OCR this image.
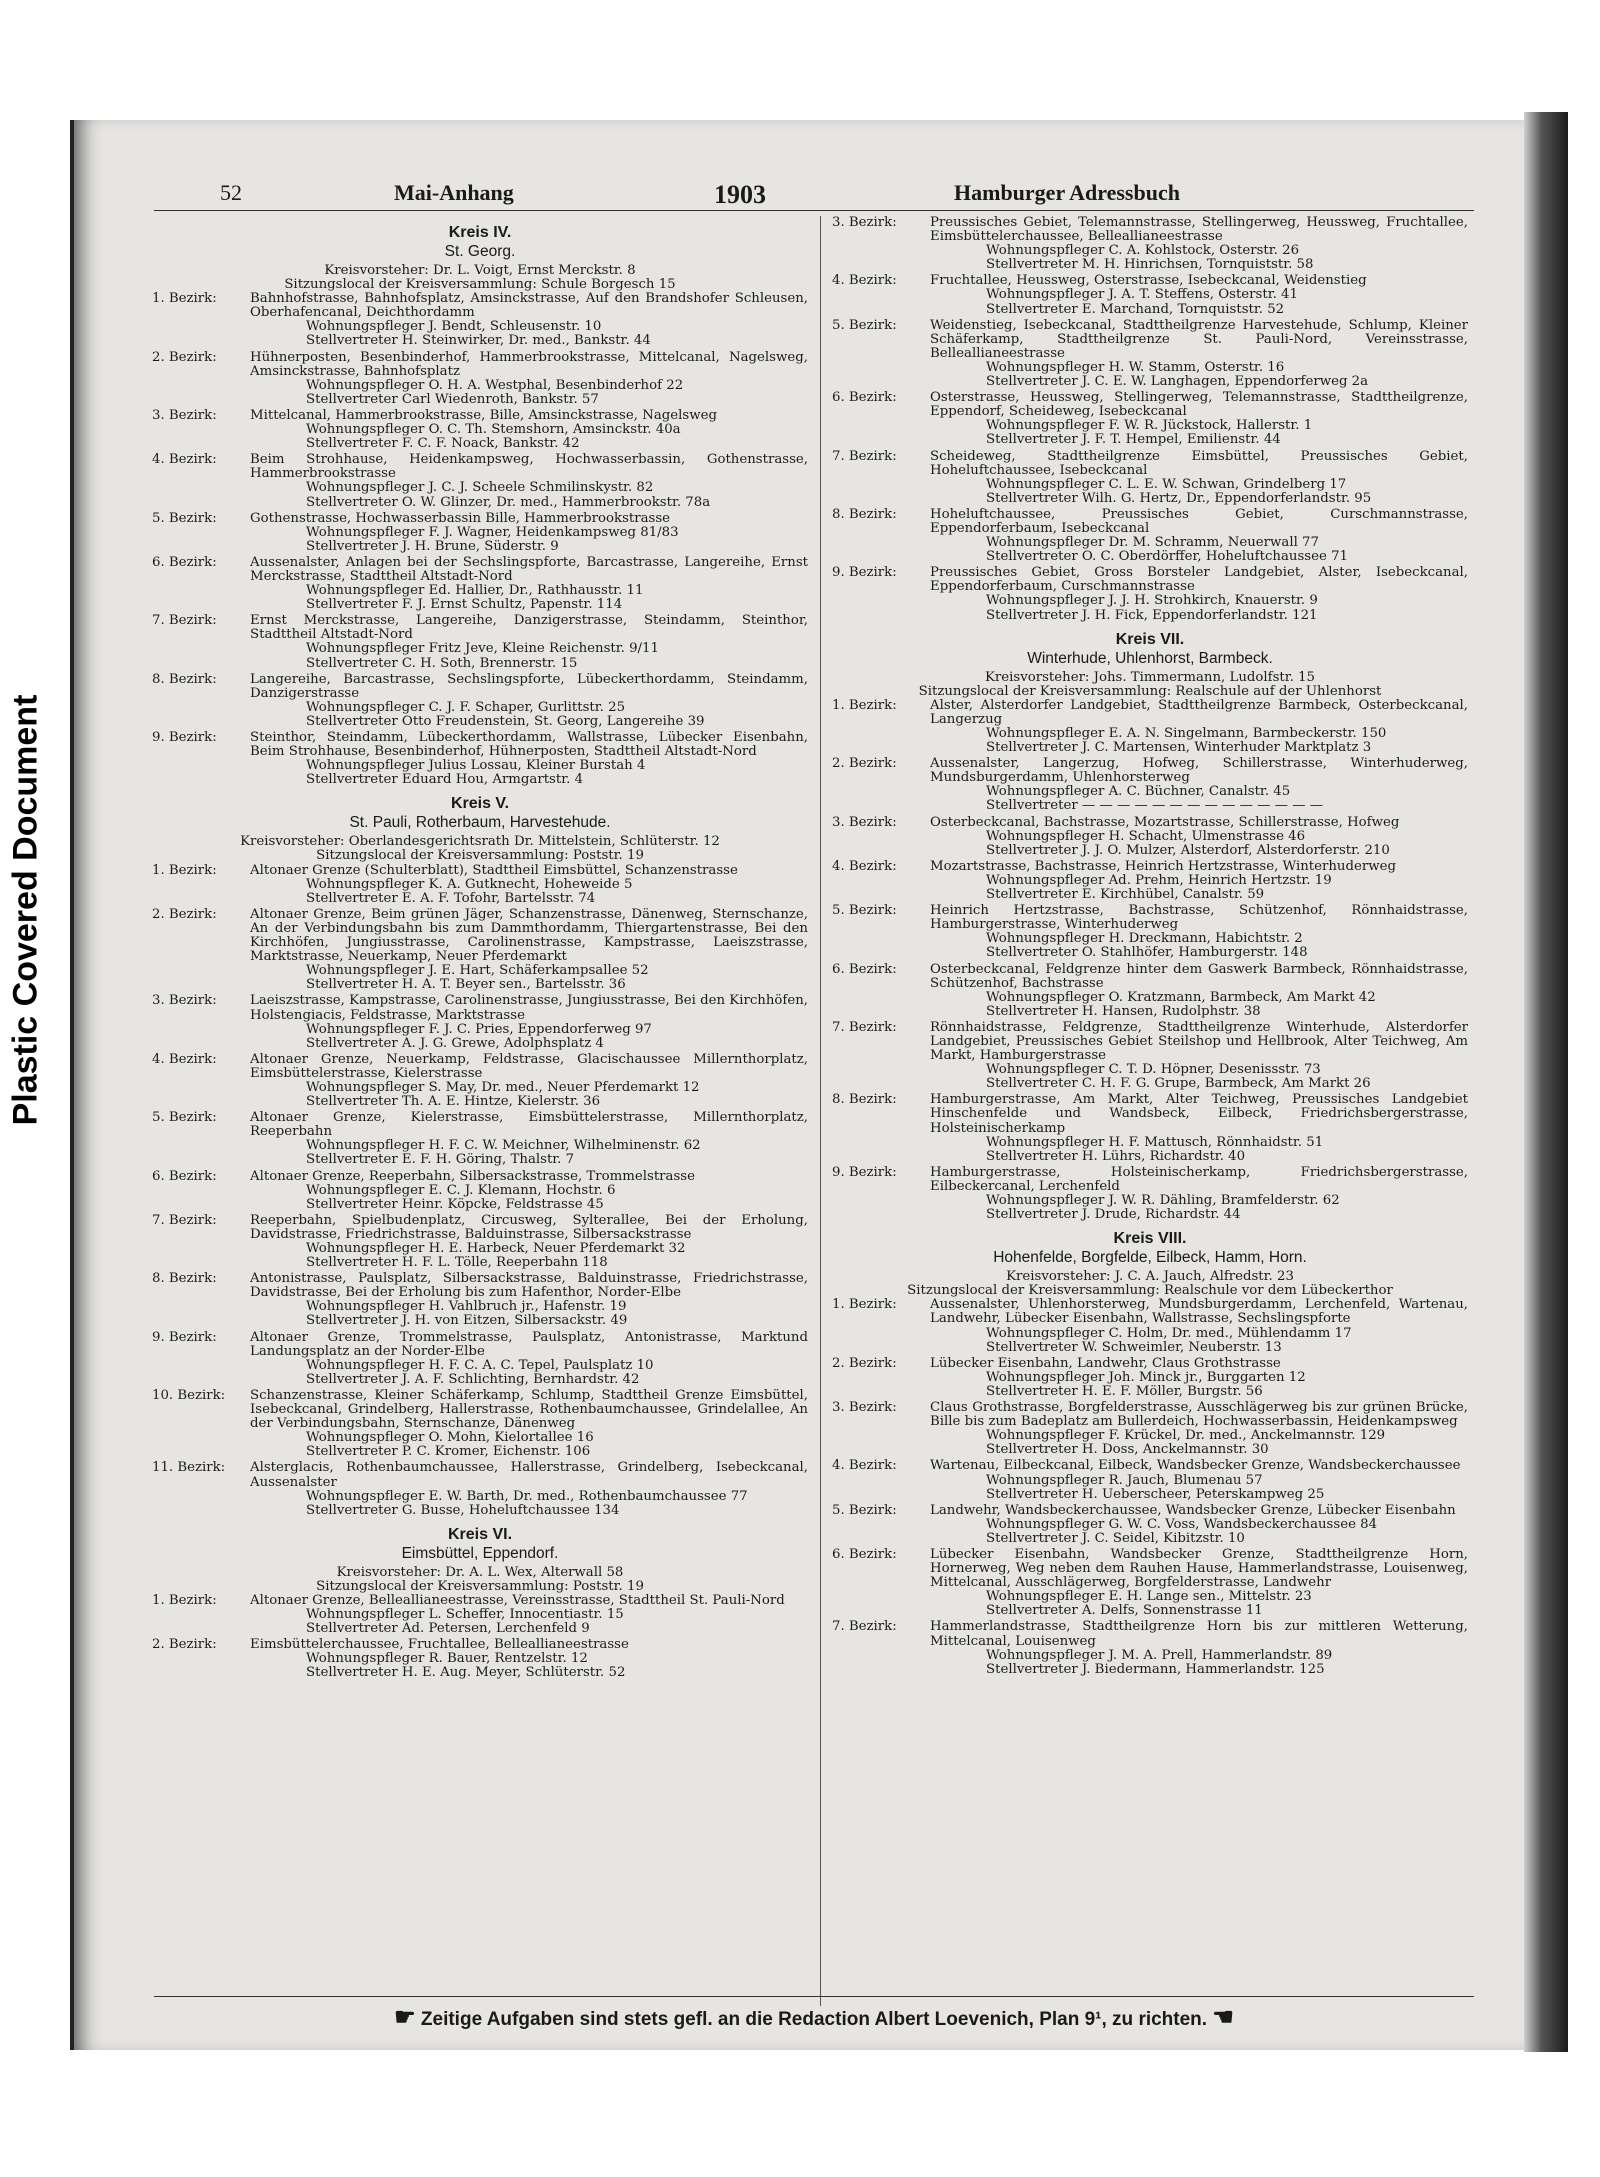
Plastic Covered Document
52	Mai-Anhang	1903	Hamburger Adressbuch
Kreis IV.
St. Georg.
Kreisvorsteher: Dr. L. Voigt, Ernst Merckstr. 8
Sitzungslocal der Kreisversammlung: Schule Borgesch 15
1. Bezirk:	Bahnhofstrasse, Bahnhofsplatz, Amsinckstrasse, Auf den Brandshofer Schleusen, Oberhafencanal, Deichthordamm
Wohnungspfleger J. Bendt, Schleusenstr. 10
Stellvertreter H. Steinwirker, Dr. med., Bankstr. 44
2. Bezirk:	Hühnerposten, Besenbinderhof, Hammerbrookstrasse, Mittelcanal, Nagelsweg, Amsinckstrasse, Bahnhofsplatz
Wohnungspfleger O. H. A. Westphal, Besenbinderhof 22
Stellvertreter Carl Wiedenroth, Bankstr. 57
3. Bezirk:	Mittelcanal, Hammerbrookstrasse, Bille, Amsinckstrasse, Nagelsweg
Wohnungspfleger O. C. Th. Stemshorn, Amsinckstr. 40a
Stellvertreter F. C. F. Noack, Bankstr. 42
4. Bezirk:	Beim Strohhause, Heidenkampsweg, Hochwasserbassin, Gothenstrasse, Hammerbrookstrasse
Wohnungspfleger J. C. J. Scheele Schmilinskystr. 82
Stellvertreter O. W. Glinzer, Dr. med., Hammerbrookstr. 78a
5. Bezirk:	Gothenstrasse, Hochwasserbassin Bille, Hammerbrookstrasse
Wohnungspfleger F. J. Wagner, Heidenkampsweg 81/83
Stellvertreter J. H. Brune, Süderstr. 9
6. Bezirk:	Aussenalster, Anlagen bei der Sechslingspforte, Barcastrasse, Langereihe, Ernst Merckstrasse, Stadttheil Altstadt-Nord
Wohnungspfleger Ed. Hallier, Dr., Rathhausstr. 11
Stellvertreter F. J. Ernst Schultz, Papenstr. 114
7. Bezirk:	Ernst Merckstrasse, Langereihe, Danzigerstrasse, Steindamm, Steinthor, Stadttheil Altstadt-Nord
Wohnungspfleger Fritz Jeve, Kleine Reichenstr. 9/11
Stellvertreter C. H. Soth, Brennerstr. 15
8. Bezirk:	Langereihe, Barcastrasse, Sechslingspforte, Lübeckerthordamm, Steindamm, Danzigerstrasse
Wohnungspfleger C. J. F. Schaper, Gurlittstr. 25
Stellvertreter Otto Freudenstein, St. Georg, Langereihe 39
9. Bezirk:	Steinthor, Steindamm, Lübeckerthordamm, Wallstrasse, Lübecker Eisenbahn, Beim Strohhause, Besenbinderhof, Hühnerposten, Stadttheil Altstadt-Nord
Wohnungspfleger Julius Lossau, Kleiner Burstah 4
Stellvertreter Eduard Hou, Armgartstr. 4
Kreis V.
St. Pauli, Rotherbaum, Harvestehude.
Kreisvorsteher: Oberlandesgerichtsrath Dr. Mittelstein, Schlüterstr. 12
Sitzungslocal der Kreisversammlung: Poststr. 19
1. Bezirk:	Altonaer Grenze (Schulterblatt), Stadttheil Eimsbüttel, Schanzenstrasse
Wohnungspfleger K. A. Gutknecht, Hoheweide 5
Stellvertreter E. A. F. Tofohr, Bartelsstr. 74
2. Bezirk:	Altonaer Grenze, Beim grünen Jäger, Schanzenstrasse, Dänenweg, Sternschanze, An der Verbindungsbahn bis zum Dammthordamm, Thiergartenstrasse, Bei den Kirchhöfen, Jungiusstrasse, Carolinenstrasse, Kampstrasse, Laeiszstrasse, Marktstrasse, Neuerkamp, Neuer Pferdemarkt
Wohnungspfleger J. E. Hart, Schäferkampsallee 52
Stellvertreter H. A. T. Beyer sen., Bartelsstr. 36
3. Bezirk:	Laeiszstrasse, Kampstrasse, Carolinenstrasse, Jungiusstrasse, Bei den Kirchhöfen, Holstengiacis, Feldstrasse, Marktstrasse
Wohnungspfleger F. J. C. Pries, Eppendorferweg 97
Stellvertreter A. J. G. Grewe, Adolphsplatz 4
4. Bezirk:	Altonaer Grenze, Neuerkamp, Feldstrasse, Glacischaussee Millernthorplatz, Eimsbüttelerstrasse, Kielerstrasse
Wohnungspfleger S. May, Dr. med., Neuer Pferdemarkt 12
Stellvertreter Th. A. E. Hintze, Kielerstr. 36
5. Bezirk:	Altonaer Grenze, Kielerstrasse, Eimsbüttelerstrasse, Millernthorplatz, Reeperbahn
Wohnungspfleger H. F. C. W. Meichner, Wilhelminenstr. 62
Stellvertreter E. F. H. Göring, Thalstr. 7
6. Bezirk:	Altonaer Grenze, Reeperbahn, Silbersackstrasse, Trommelstrasse
Wohnungspfleger E. C. J. Klemann, Hochstr. 6
Stellvertreter Heinr. Köpcke, Feldstrasse 45
7. Bezirk:	Reeperbahn, Spielbudenplatz, Circusweg, Sylterallee, Bei der Erholung, Davidstrasse, Friedrichstrasse, Balduinstrasse, Silbersackstrasse
Wohnungspfleger H. E. Harbeck, Neuer Pferdemarkt 32
Stellvertreter H. F. L. Tölle, Reeperbahn 118
8. Bezirk:	Antonistrasse, Paulsplatz, Silbersackstrasse, Balduinstrasse, Friedrichstrasse, Davidstrasse, Bei der Erholung bis zum Hafenthor, Norder-Elbe
Wohnungspfleger H. Vahlbruch jr., Hafenstr. 19
Stellvertreter J. H. von Eitzen, Silbersackstr. 49
9. Bezirk:	Altonaer Grenze, Trommelstrasse, Paulsplatz, Antonistrasse, Marktund Landungsplatz an der Norder-Elbe
Wohnungspfleger H. F. C. A. C. Tepel, Paulsplatz 10
Stellvertreter J. A. F. Schlichting, Bernhardstr. 42
10. Bezirk:	Schanzenstrasse, Kleiner Schäferkamp, Schlump, Stadttheil Grenze Eimsbüttel, Isebeckcanal, Grindelberg, Hallerstrasse, Rothenbaumchaussee, Grindelallee, An der Verbindungsbahn, Sternschanze, Dänenweg
Wohnungspfleger O. Mohn, Kielortallee 16
Stellvertreter P. C. Kromer, Eichenstr. 106
11. Bezirk:	Alsterglacis, Rothenbaumchaussee, Hallerstrasse, Grindelberg, Isebeckcanal, Aussenalster
Wohnungspfleger E. W. Barth, Dr. med., Rothenbaumchaussee 77
Stellvertreter G. Busse, Hoheluftchaussee 134
Kreis VI.
Eimsbüttel, Eppendorf.
Kreisvorsteher: Dr. A. L. Wex, Alterwall 58
Sitzungslocal der Kreisversammlung: Poststr. 19
1. Bezirk:	Altonaer Grenze, Belleallianeestrasse, Vereinsstrasse, Stadttheil St. Pauli-Nord
Wohnungspfleger L. Scheffer, Innocentiastr. 15
Stellvertreter Ad. Petersen, Lerchenfeld 9
2. Bezirk:	Eimsbüttelerchaussee, Fruchtallee, Belleallianeestrasse
Wohnungspfleger R. Bauer, Rentzelstr. 12
Stellvertreter H. E. Aug. Meyer, Schlüterstr. 52
3. Bezirk:	Preussisches Gebiet, Telemannstrasse, Stellingerweg, Heussweg, Fruchtallee, Eimsbüttelerchaussee, Belleallianeestrasse
Wohnungspfleger C. A. Kohlstock, Osterstr. 26
Stellvertreter M. H. Hinrichsen, Tornquiststr. 58
4. Bezirk:	Fruchtallee, Heussweg, Osterstrasse, Isebeckcanal, Weidenstieg
Wohnungspfleger J. A. T. Steffens, Osterstr. 41
Stellvertreter E. Marchand, Tornquiststr. 52
5. Bezirk:	Weidenstieg, Isebeckcanal, Stadttheilgrenze Harvestehude, Schlump, Kleiner Schäferkamp, Stadttheilgrenze St. Pauli-Nord, Vereinsstrasse, Belleallianeestrasse
Wohnungspfleger H. W. Stamm, Osterstr. 16
Stellvertreter J. C. E. W. Langhagen, Eppendorferweg 2a
6. Bezirk:	Osterstrasse, Heussweg, Stellingerweg, Telemannstrasse, Stadttheilgrenze, Eppendorf, Scheideweg, Isebeckcanal
Wohnungspfleger F. W. R. Jückstock, Hallerstr. 1
Stellvertreter J. F. T. Hempel, Emilienstr. 44
7. Bezirk:	Scheideweg, Stadttheilgrenze Eimsbüttel, Preussisches Gebiet, Hoheluftchaussee, Isebeckcanal
Wohnungspfleger C. L. E. W. Schwan, Grindelberg 17
Stellvertreter Wilh. G. Hertz, Dr., Eppendorferlandstr. 95
8. Bezirk:	Hoheluftchaussee, Preussisches Gebiet, Curschmannstrasse, Eppendorferbaum, Isebeckcanal
Wohnungspfleger Dr. M. Schramm, Neuerwall 77
Stellvertreter O. C. Oberdörffer, Hoheluftchaussee 71
9. Bezirk:	Preussisches Gebiet, Gross Borsteler Landgebiet, Alster, Isebeckcanal, Eppendorferbaum, Curschmannstrasse
Wohnungspfleger J. J. H. Strohkirch, Knauerstr. 9
Stellvertreter J. H. Fick, Eppendorferlandstr. 121
Kreis VII.
Winterhude, Uhlenhorst, Barmbeck.
Kreisvorsteher: Johs. Timmermann, Ludolfstr. 15
Sitzungslocal der Kreisversammlung: Realschule auf der Uhlenhorst
1. Bezirk:	Alster, Alsterdorfer Landgebiet, Stadttheilgrenze Barmbeck, Osterbeckcanal, Langerzug
Wohnungspfleger E. A. N. Singelmann, Barmbeckerstr. 150
Stellvertreter J. C. Martensen, Winterhuder Marktplatz 3
2. Bezirk:	Aussenalster, Langerzug, Hofweg, Schillerstrasse, Winterhuderweg, Mundsburgerdamm, Uhlenhorsterweg
Wohnungspfleger A. C. Büchner, Canalstr. 45
Stellvertreter — — — — — — — — — — — — — —
3. Bezirk:	Osterbeckcanal, Bachstrasse, Mozartstrasse, Schillerstrasse, Hofweg
Wohnungspfleger H. Schacht, Ulmenstrasse 46
Stellvertreter J. J. O. Mulzer, Alsterdorf, Alsterdorferstr. 210
4. Bezirk:	Mozartstrasse, Bachstrasse, Heinrich Hertzstrasse, Winterhuderweg
Wohnungspfleger Ad. Prehm, Heinrich Hertzstr. 19
Stellvertreter E. Kirchhübel, Canalstr. 59
5. Bezirk:	Heinrich Hertzstrasse, Bachstrasse, Schützenhof, Rönnhaidstrasse, Hamburgerstrasse, Winterhuderweg
Wohnungspfleger H. Dreckmann, Habichtstr. 2
Stellvertreter O. Stahlhöfer, Hamburgerstr. 148
6. Bezirk:	Osterbeckcanal, Feldgrenze hinter dem Gaswerk Barmbeck, Rönnhaidstrasse, Schützenhof, Bachstrasse
Wohnungspfleger O. Kratzmann, Barmbeck, Am Markt 42
Stellvertreter H. Hansen, Rudolphstr. 38
7. Bezirk:	Rönnhaidstrasse, Feldgrenze, Stadttheilgrenze Winterhude, Alsterdorfer Landgebiet, Preussisches Gebiet Steilshop und Hellbrook, Alter Teichweg, Am Markt, Hamburgerstrasse
Wohnungspfleger C. T. D. Höpner, Desenissstr. 73
Stellvertreter C. H. F. G. Grupe, Barmbeck, Am Markt 26
8. Bezirk:	Hamburgerstrasse, Am Markt, Alter Teichweg, Preussisches Landgebiet Hinschenfelde und Wandsbeck, Eilbeck, Friedrichsbergerstrasse, Holsteinischerkamp
Wohnungspfleger H. F. Mattusch, Rönnhaidstr. 51
Stellvertreter H. Lührs, Richardstr. 40
9. Bezirk:	Hamburgerstrasse, Holsteinischerkamp, Friedrichsbergerstrasse, Eilbeckercanal, Lerchenfeld
Wohnungspfleger J. W. R. Dähling, Bramfelderstr. 62
Stellvertreter J. Drude, Richardstr. 44
Kreis VIII.
Hohenfelde, Borgfelde, Eilbeck, Hamm, Horn.
Kreisvorsteher: J. C. A. Jauch, Alfredstr. 23
Sitzungslocal der Kreisversammlung: Realschule vor dem Lübeckerthor
1. Bezirk:	Aussenalster, Uhlenhorsterweg, Mundsburgerdamm, Lerchenfeld, Wartenau, Landwehr, Lübecker Eisenbahn, Wallstrasse, Sechslingspforte
Wohnungspfleger C. Holm, Dr. med., Mühlendamm 17
Stellvertreter W. Schweimler, Neuberstr. 13
2. Bezirk:	Lübecker Eisenbahn, Landwehr, Claus Grothstrasse
Wohnungspfleger Joh. Minck jr., Burggarten 12
Stellvertreter H. E. F. Möller, Burgstr. 56
3. Bezirk:	Claus Grothstrasse, Borgfelderstrasse, Ausschlägerweg bis zur grünen Brücke, Bille bis zum Badeplatz am Bullerdeich, Hochwasserbassin, Heidenkampsweg
Wohnungspfleger F. Krückel, Dr. med., Anckelmannstr. 129
Stellvertreter H. Doss, Anckelmannstr. 30
4. Bezirk:	Wartenau, Eilbeckcanal, Eilbeck, Wandsbecker Grenze, Wandsbeckerchaussee
Wohnungspfleger R. Jauch, Blumenau 57
Stellvertreter H. Ueberscheer, Peterskampweg 25
5. Bezirk:	Landwehr, Wandsbeckerchaussee, Wandsbecker Grenze, Lübecker Eisenbahn
Wohnungspfleger G. W. C. Voss, Wandsbeckerchaussee 84
Stellvertreter J. C. Seidel, Kibitzstr. 10
6. Bezirk:	Lübecker Eisenbahn, Wandsbecker Grenze, Stadttheilgrenze Horn, Hornerweg, Weg neben dem Rauhen Hause, Hammerlandstrasse, Louisenweg, Mittelcanal, Ausschlägerweg, Borgfelderstrasse, Landwehr
Wohnungspfleger E. H. Lange sen., Mittelstr. 23
Stellvertreter A. Delfs, Sonnenstrasse 11
7. Bezirk:	Hammerlandstrasse, Stadttheilgrenze Horn bis zur mittleren Wetterung, Mittelcanal, Louisenweg
Wohnungspfleger J. M. A. Prell, Hammerlandstr. 89
Stellvertreter J. Biedermann, Hammerlandstr. 125
☛ Zeitige Aufgaben sind stets gefl. an die Redaction Albert Loevenich, Plan 9¹, zu richten. ☚
